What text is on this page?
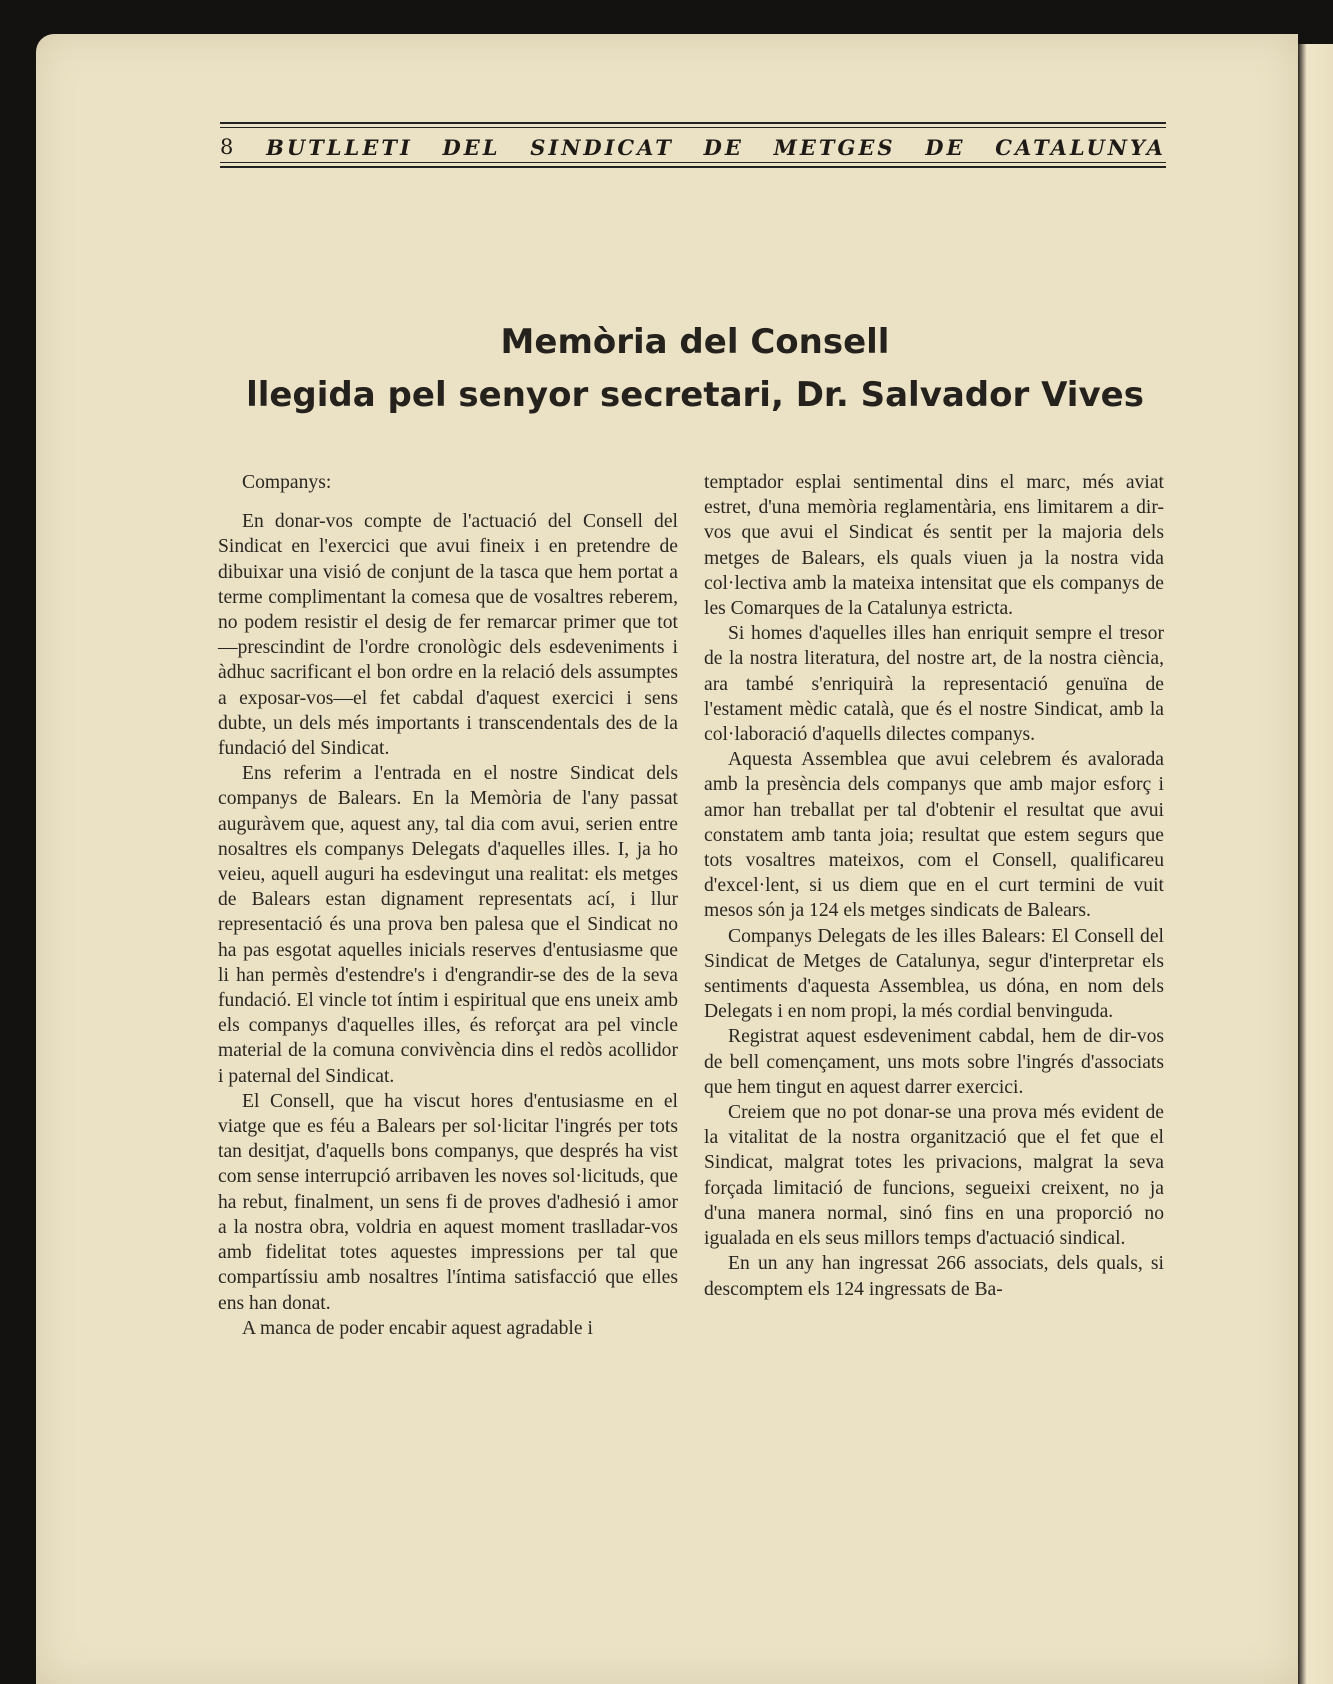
8 BUTLLETI DEL SINDICAT DE METGES DE CATALUNYA
Memòria del Consell
llegida pel senyor secretari, Dr. Salvador Vives

Companys:

En donar-vos compte de l'actuació del Consell del Sindicat en l'exercici que avui fineix i en pretendre de dibuixar una visió de conjunt de la tasca que hem portat a terme complimentant la comesa que de vosaltres reberem, no podem resistir el desig de fer remarcar primer que tot—prescindint de l'ordre cronològic dels esdeveniments i àdhuc sacrificant el bon ordre en la relació dels assumptes a exposar-vos—el fet cabdal d'aquest exercici i sens dubte, un dels més importants i transcendentals des de la fundació del Sindicat.

Ens referim a l'entrada en el nostre Sindicat dels companys de Balears. En la Memòria de l'any passat auguràvem que, aquest any, tal dia com avui, serien entre nosaltres els companys Delegats d'aquelles illes. I, ja ho veieu, aquell auguri ha esdevingut una realitat: els metges de Balears estan dignament representats ací, i llur representació és una prova ben palesa que el Sindicat no ha pas esgotat aquelles inicials reserves d'entusiasme que li han permès d'estendre's i d'engrandir-se des de la seva fundació. El vincle tot íntim i espiritual que ens uneix amb els companys d'aquelles illes, és reforçat ara pel vincle material de la comuna convivència dins el redòs acollidor i paternal del Sindicat.

El Consell, que ha viscut hores d'entusiasme en el viatge que es féu a Balears per sol·licitar l'ingrés per tots tan desitjat, d'aquells bons companys, que després ha vist com sense interrupció arribaven les noves sol·licituds, que ha rebut, finalment, un sens fi de proves d'adhesió i amor a la nostra obra, voldria en aquest moment traslladar-vos amb fidelitat totes aquestes impressions per tal que compartíssiu amb nosaltres l'íntima satisfacció que elles ens han donat.

A manca de poder encabir aquest agradable i

temptador esplai sentimental dins el marc, més aviat estret, d'una memòria reglamentària, ens limitarem a dir-vos que avui el Sindicat és sentit per la majoria dels metges de Balears, els quals viuen ja la nostra vida col·lectiva amb la mateixa intensitat que els companys de les Comarques de la Catalunya estricta.

Si homes d'aquelles illes han enriquit sempre el tresor de la nostra literatura, del nostre art, de la nostra ciència, ara també s'enriquirà la representació genuïna de l'estament mèdic català, que és el nostre Sindicat, amb la col·laboració d'aquells dilectes companys.

Aquesta Assemblea que avui celebrem és avalorada amb la presència dels companys que amb major esforç i amor han treballat per tal d'obtenir el resultat que avui constatem amb tanta joia; resultat que estem segurs que tots vosaltres mateixos, com el Consell, qualificareu d'excel·lent, si us diem que en el curt termini de vuit mesos són ja 124 els metges sindicats de Balears.

Companys Delegats de les illes Balears: El Consell del Sindicat de Metges de Catalunya, segur d'interpretar els sentiments d'aquesta Assemblea, us dóna, en nom dels Delegats i en nom propi, la més cordial benvinguda.

Registrat aquest esdeveniment cabdal, hem de dir-vos de bell començament, uns mots sobre l'ingrés d'associats que hem tingut en aquest darrer exercici.

Creiem que no pot donar-se una prova més evident de la vitalitat de la nostra organització que el fet que el Sindicat, malgrat totes les privacions, malgrat la seva forçada limitació de funcions, segueixi creixent, no ja d'una manera normal, sinó fins en una proporció no igualada en els seus millors temps d'actuació sindical.

En un any han ingressat 266 associats, dels quals, si descomptem els 124 ingressats de Ba-
